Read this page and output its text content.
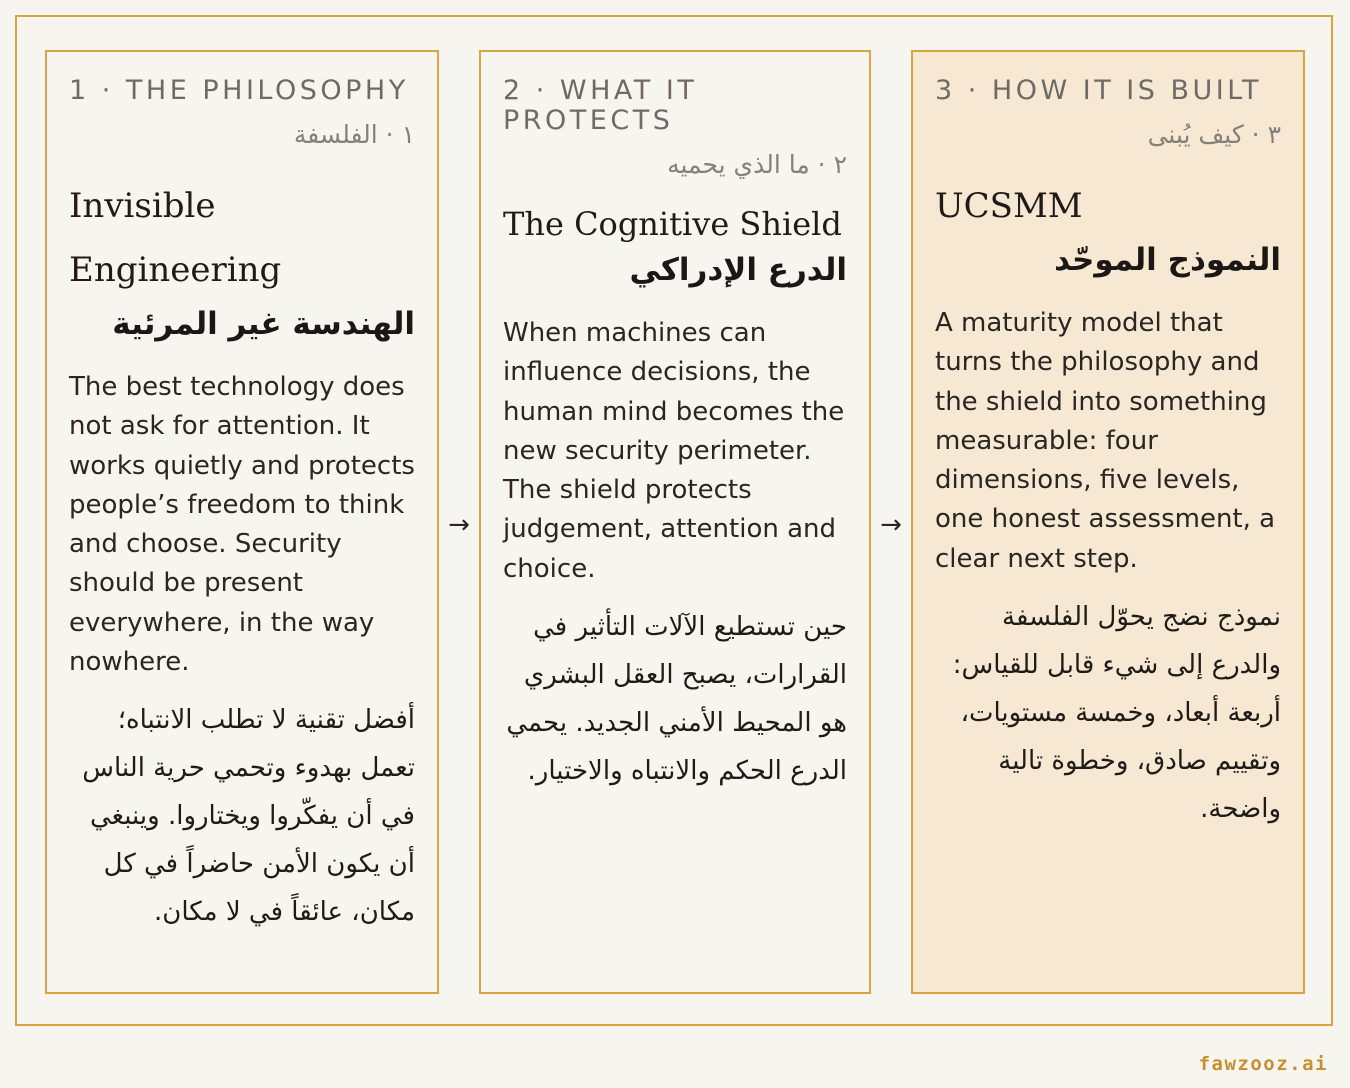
1 · THE PHILOSOPHY
١ · الفلسفة
Invisible Engineering
الهندسة غير المرئية
The best technology does not ask for attention. It works quietly and protects people’s freedom to think and choose. Security should be present everywhere, in the way nowhere.
أفضل تقنية لا تطلب الانتباه؛ تعمل بهدوء وتحمي حرية الناس في أن يفكّروا ويختاروا. وينبغي أن يكون الأمن حاضراً في كل مكان، عائقاً في لا مكان.
→
2 · WHAT IT PROTECTS
٢ · ما الذي يحميه
The Cognitive Shield
الدرع الإدراكي
When machines can influence decisions, the human mind becomes the new security perimeter. The shield protects judgement, attention and choice.
حين تستطيع الآلات التأثير في القرارات، يصبح العقل البشري هو المحيط الأمني الجديد. يحمي الدرع الحكم والانتباه والاختيار.
→
3 · HOW IT IS BUILT
٣ · كيف يُبنى
UCSMM
النموذج الموحّد
A maturity model that turns the philosophy and the shield into something measurable: four dimensions, five levels, one honest assessment, a clear next step.
نموذج نضج يحوّل الفلسفة والدرع إلى شيء قابل للقياس: أربعة أبعاد، وخمسة مستويات، وتقييم صادق، وخطوة تالية واضحة.
fawzooz.ai
